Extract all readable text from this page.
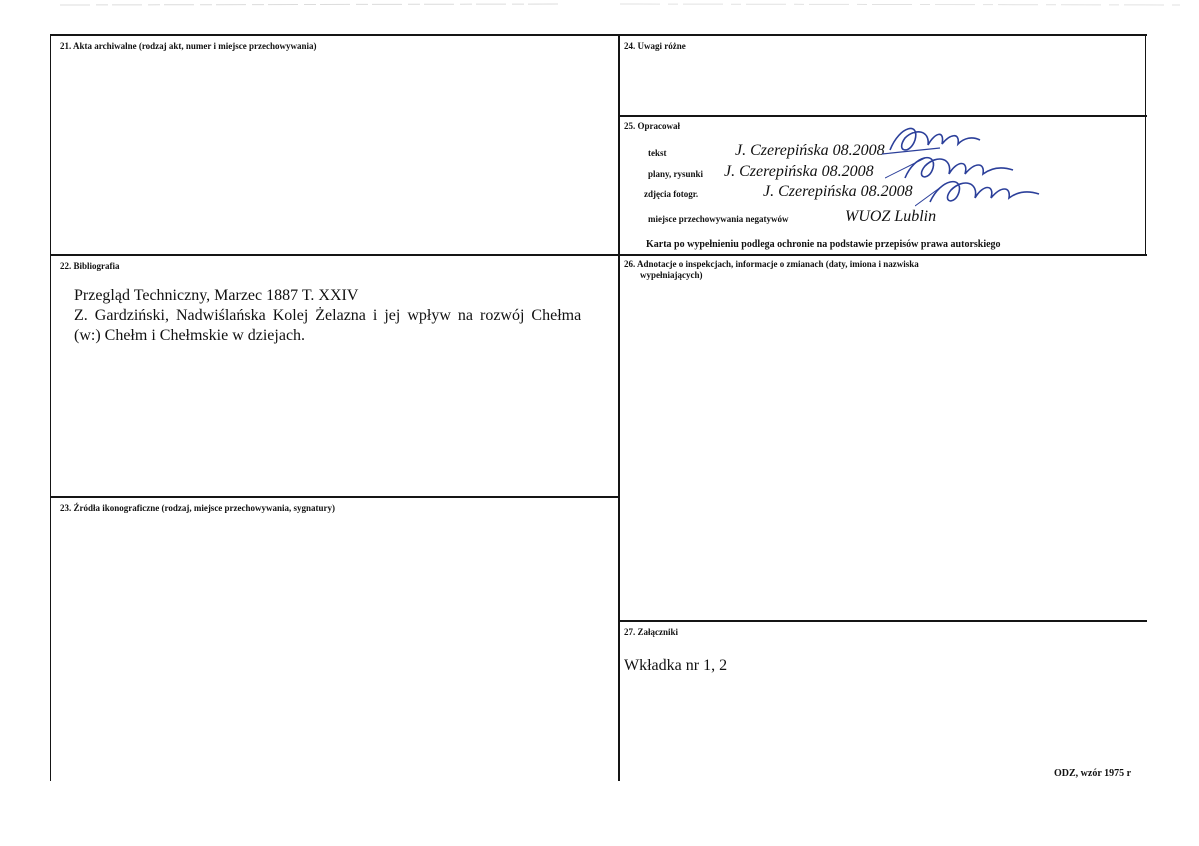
21. Akta archiwalne (rodzaj akt, numer i miejsce przechowywania)	24. Uwagi różne
25. Opracował
tekst	J. Czerepińska 08.2008
plany, rysunki J. Czerepińska 08.2008
zdjęcia fotogr.	J. Czerepińska 08.2008
miejsce przechowywania negatywów	WUOZ Lublin
Karta po wypełnieniu podlega ochronie na podstawie przepisów prawa autorskiego
22. Bibliografia
Przegląd Techniczny, Marzec 1887 T. XXIV
Z. Gardziński, Nadwiślańska Kolej Żelazna i jej wpływ na rozwój Chełma
(w:) Chełm i Chełmskie w dziejach.
26. Adnotacje o inspekcjach, informacje o zmianach (daty, imiona i nazwiska
wypełniających)
23. Źródła ikonograficzne (rodzaj, miejsce przechowywania, sygnatury)
27. Załączniki
Wkładka nr 1, 2
ODZ, wzór 1975 r
